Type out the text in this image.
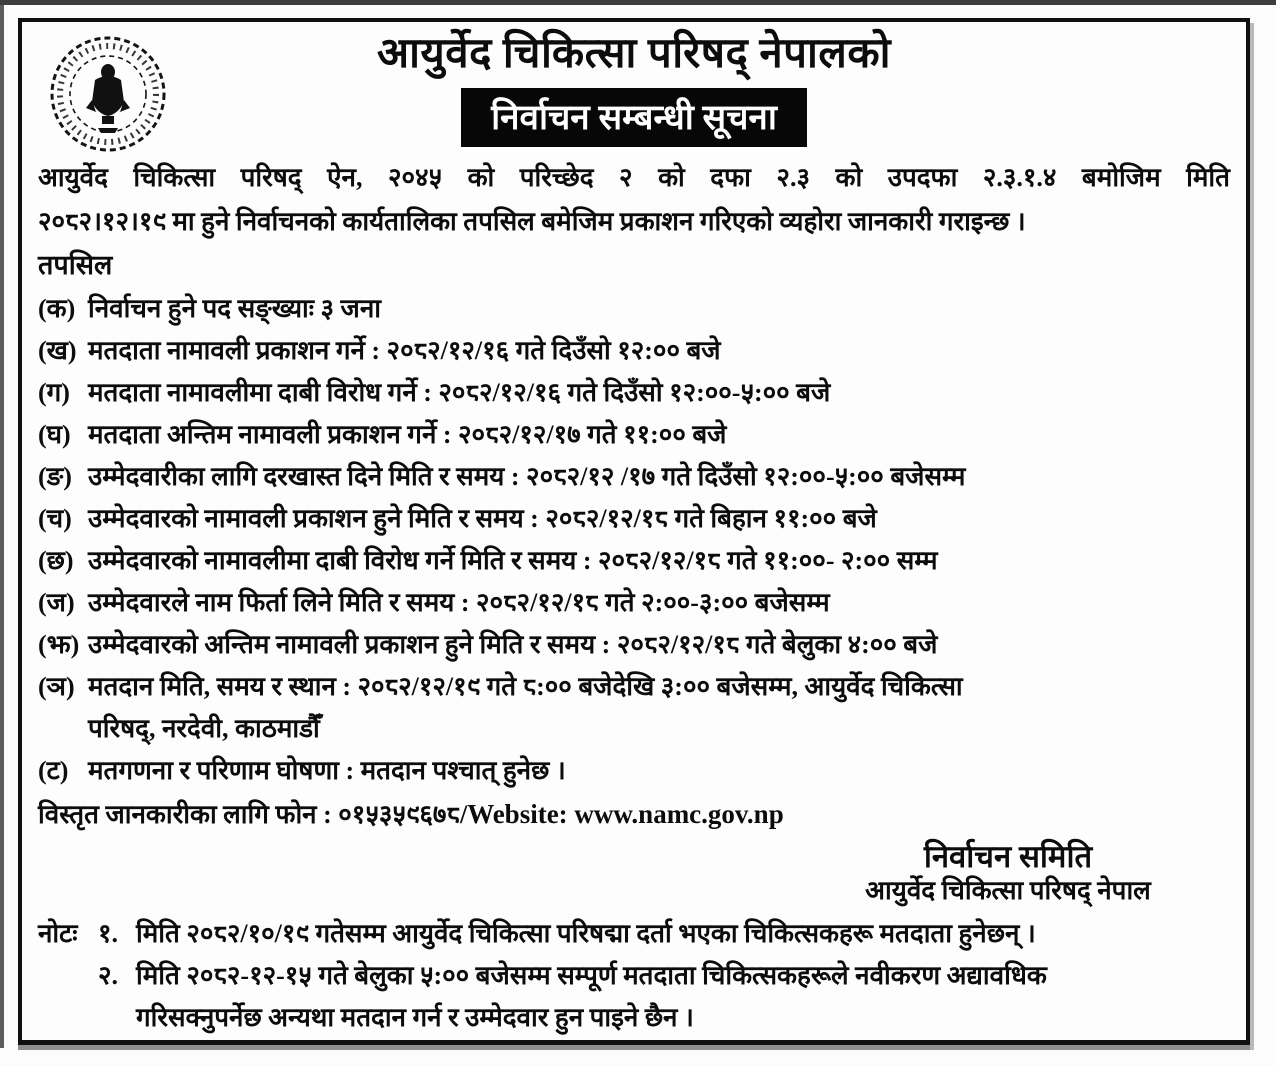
आयुर्वेद चिकित्सा परिषद् नेपालको
निर्वाचन सम्बन्धी सूचना
आयुर्वेद चिकित्सा परिषद् ऐन, २०४५ को परिच्छेद २ को दफा २.३ को उपदफा २.३.१.४ बमोजिम मिति
२०८२।१२।१९ मा हुने निर्वाचनको कार्यतालिका तपसिल बमेजिम प्रकाशन गरिएको व्यहोरा जानकारी गराइन्छ ।
तपसिल
(क) निर्वाचन हुने पद सङ्ख्याः ३ जना
(ख) मतदाता नामावली प्रकाशन गर्ने : २०८२/१२/१६ गते दिउँसो १२:०० बजे
(ग) मतदाता नामावलीमा दाबी विरोध गर्ने : २०८२/१२/१६ गते दिउँसो १२:००-५:०० बजे
(घ) मतदाता अन्तिम नामावली प्रकाशन गर्ने : २०८२/१२/१७ गते ११:०० बजे
(ङ) उम्मेदवारीका लागि दरखास्त दिने मिति र समय : २०८२/१२ /१७ गते दिउँसो १२:००-५:०० बजेसम्म
(च) उम्मेदवारको नामावली प्रकाशन हुने मिति र समय : २०८२/१२/१८ गते बिहान ११:०० बजे
(छ) उम्मेदवारको नामावलीमा दाबी विरोध गर्ने मिति र समय : २०८२/१२/१८ गते ११:००- २:०० सम्म
(ज) उम्मेदवारले नाम फिर्ता लिने मिति र समय : २०८२/१२/१८ गते २:००-३:०० बजेसम्म
(झ) उम्मेदवारको अन्तिम नामावली प्रकाशन हुने मिति र समय : २०८२/१२/१८ गते बेलुका ४:०० बजे
(ञ) मतदान मिति, समय र स्थान : २०८२/१२/१९ गते ८:०० बजेदेखि ३:०० बजेसम्म, आयुर्वेद चिकित्सा
परिषद्, नरदेवी, काठमाडौँ
(ट) मतगणना र परिणाम घोषणा : मतदान पश्चात् हुनेछ ।
विस्तृत जानकारीका लागि फोन : ०१५३५९६७८/Website: www.namc.gov.np
निर्वाचन समिति
आयुर्वेद चिकित्सा परिषद् नेपाल
नोटः १. मिति २०८२/१०/१९ गतेसम्म आयुर्वेद चिकित्सा परिषद्मा दर्ता भएका चिकित्सकहरू मतदाता हुनेछन् ।
२. मिति २०८२-१२-१५ गते बेलुका ५:०० बजेसम्म सम्पूर्ण मतदाता चिकित्सकहरूले नवीकरण अद्यावधिक
गरिसक्नुपर्नेछ अन्यथा मतदान गर्न र उम्मेदवार हुन पाइने छैन ।
